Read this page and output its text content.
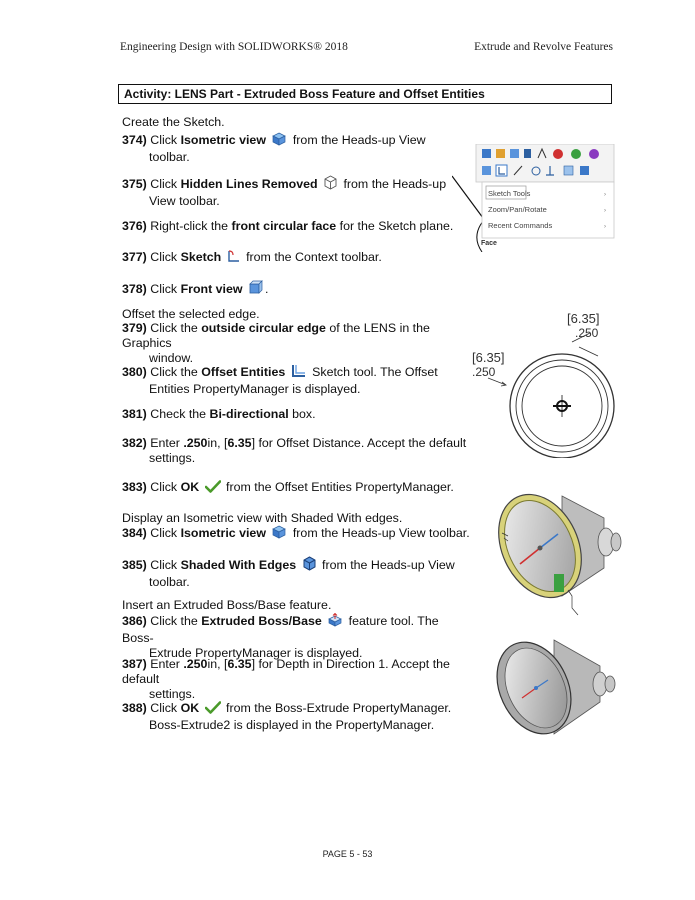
Engineering Design with SOLIDWORKS® 2018	Extrude and Revolve Features
Activity: LENS Part - Extruded Boss Feature and Offset Entities
Create the Sketch.
374) Click Isometric view  from the Heads-up View
toolbar.
375) Click Hidden Lines Removed  from the Heads-up
View toolbar.
376) Right-click the front circular face for the Sketch plane.
377) Click Sketch  from the Context toolbar.
378) Click Front view .
Offset the selected edge.
379) Click the outside circular edge of the LENS in the Graphics
window.
380) Click the Offset Entities  Sketch tool. The Offset
Entities PropertyManager is displayed.
381) Check the Bi-directional box.
382) Enter .250in, [6.35] for Offset Distance. Accept the default
settings.
383) Click OK  from the Offset Entities PropertyManager.
Display an Isometric view with Shaded With edges.
384) Click Isometric view  from the Heads-up View toolbar.
385) Click Shaded With Edges  from the Heads-up View
toolbar.
Insert an Extruded Boss/Base feature.
386) Click the Extruded Boss/Base  feature tool. The Boss-
Extrude PropertyManager is displayed.
387) Enter .250in, [6.35] for Depth in Direction 1. Accept the default
settings.
388) Click OK  from the Boss-Extrude PropertyManager.
Boss-Extrude2 is displayed in the PropertyManager.
Sketch Tools	›
Zoom/Pan/Rotate	›
Recent Commands	›
Face
[6.35]
.250
[6.35]
.250
PAGE 5 - 53
